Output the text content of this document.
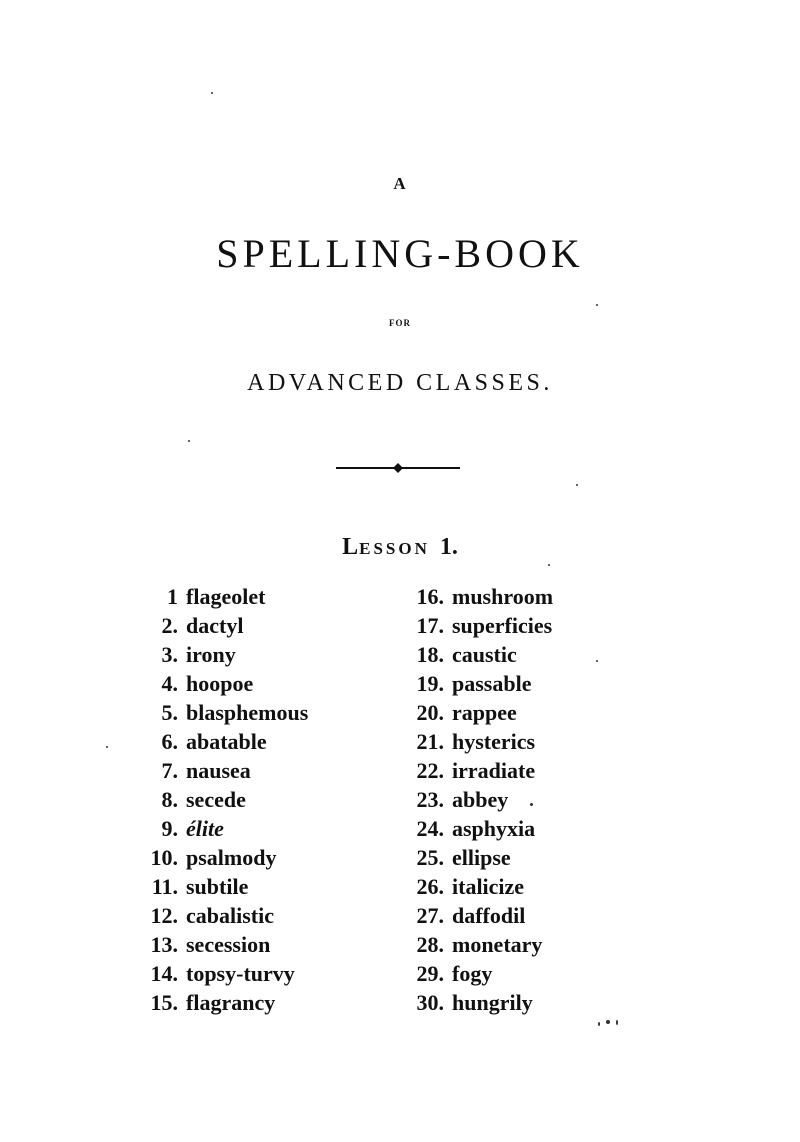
A
SPELLING-BOOK
FOR
ADVANCED CLASSES.
LESSON 1.
1 flageolet
2. dactyl
3. irony
4. hoopoe
5. blasphemous
6. abatable
7. nausea
8. secede
9. élite
10. psalmody
11. subtile
12. cabalistic
13. secession
14. topsy-turvy
15. flagrancy
16. mushroom
17. superficies
18. caustic
19. passable
20. rappee
21. hysterics
22. irradiate
23. abbey
24. asphyxia
25. ellipse
26. italicize
27. daffodil
28. monetary
29. fogy
30. hungrily
